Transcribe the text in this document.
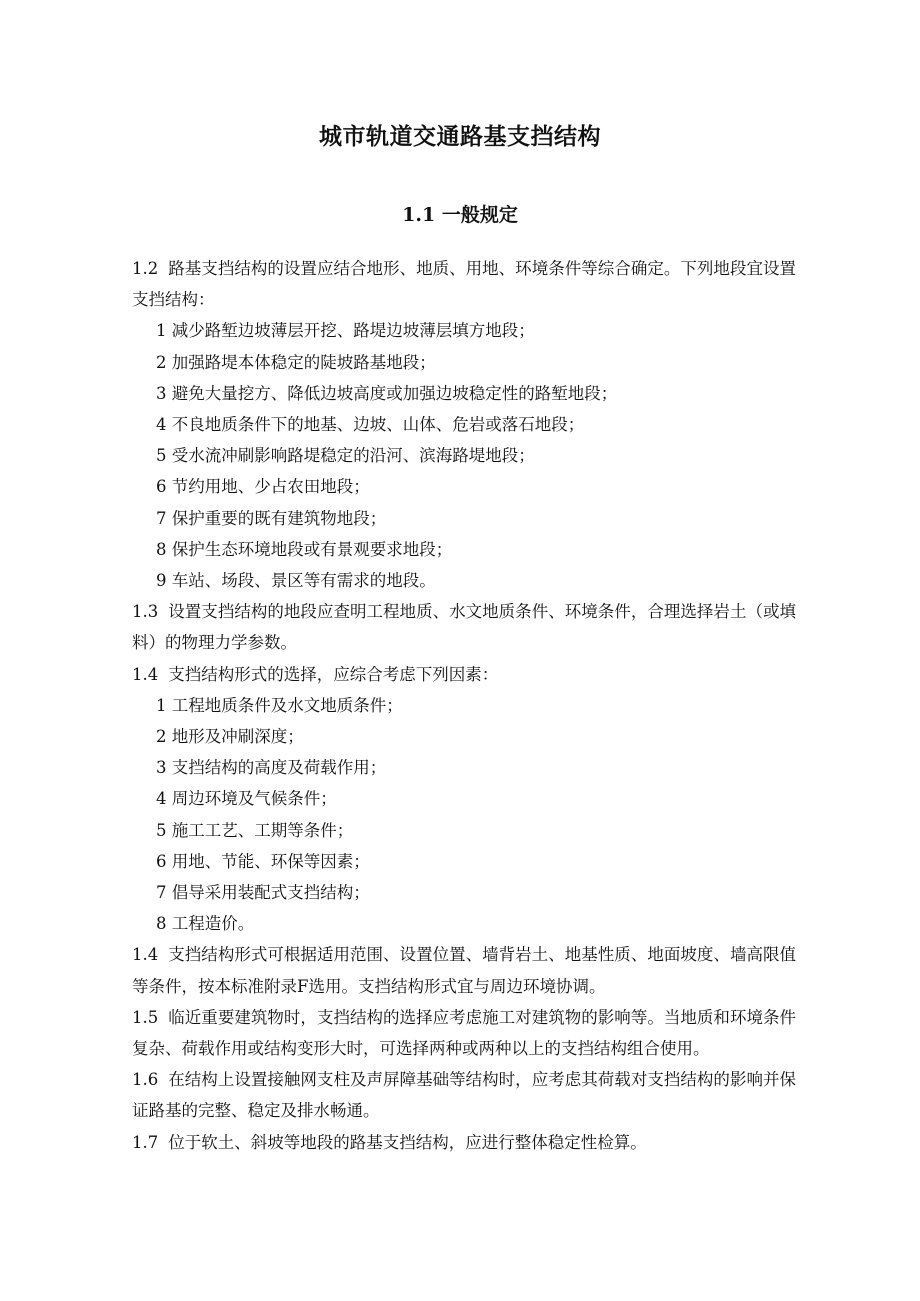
城市轨道交通路基支挡结构
1.1 一般规定

1.2 路基支挡结构的设置应结合地形、地质、用地、环境条件等综合确定。下列地段宜设置支挡结构：

1 减少路堑边坡薄层开挖、路堤边坡薄层填方地段；

2 加强路堤本体稳定的陡坡路基地段；

3 避免大量挖方、降低边坡高度或加强边坡稳定性的路堑地段；

4 不良地质条件下的地基、边坡、山体、危岩或落石地段；

5 受水流冲刷影响路堤稳定的沿河、滨海路堤地段；

6 节约用地、少占农田地段；

7 保护重要的既有建筑物地段；

8 保护生态环境地段或有景观要求地段；

9 车站、场段、景区等有需求的地段。

1.3 设置支挡结构的地段应查明工程地质、水文地质条件、环境条件，合理选择岩土（或填料）的物理力学参数。

1.4 支挡结构形式的选择，应综合考虑下列因素：

1 工程地质条件及水文地质条件；

2 地形及冲刷深度；

3 支挡结构的高度及荷载作用；

4 周边环境及气候条件；

5 施工工艺、工期等条件；

6 用地、节能、环保等因素；

7 倡导采用装配式支挡结构；

8 工程造价。

1.4 支挡结构形式可根据适用范围、设置位置、墙背岩土、地基性质、地面坡度、墙高限值等条件，按本标准附录F选用。支挡结构形式宜与周边环境协调。

1.5 临近重要建筑物时，支挡结构的选择应考虑施工对建筑物的影响等。当地质和环境条件复杂、荷载作用或结构变形大时，可选择两种或两种以上的支挡结构组合使用。

1.6 在结构上设置接触网支柱及声屏障基础等结构时，应考虑其荷载对支挡结构的影响并保证路基的完整、稳定及排水畅通。

1.7 位于软土、斜坡等地段的路基支挡结构，应进行整体稳定性检算。
